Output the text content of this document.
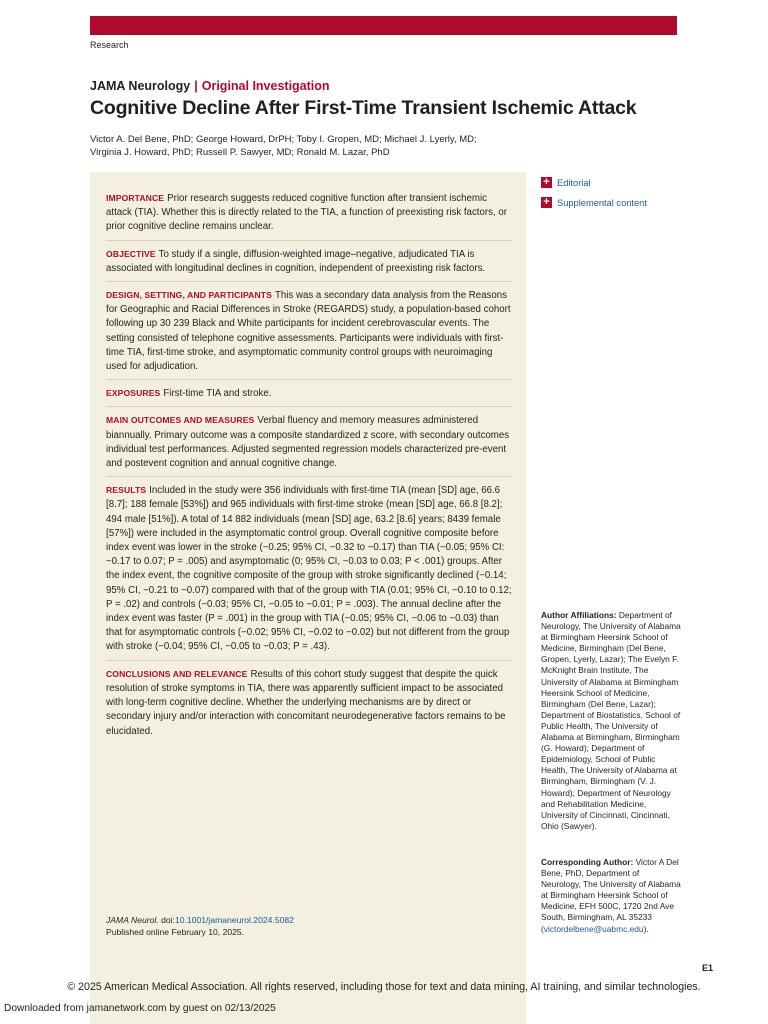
Research
JAMA Neurology | Original Investigation
Cognitive Decline After First-Time Transient Ischemic Attack
Victor A. Del Bene, PhD; George Howard, DrPH; Toby I. Gropen, MD; Michael J. Lyerly, MD;
Virginia J. Howard, PhD; Russell P. Sawyer, MD; Ronald M. Lazar, PhD
IMPORTANCE Prior research suggests reduced cognitive function after transient ischemic attack (TIA). Whether this is directly related to the TIA, a function of preexisting risk factors, or prior cognitive decline remains unclear.
OBJECTIVE To study if a single, diffusion-weighted image–negative, adjudicated TIA is associated with longitudinal declines in cognition, independent of preexisting risk factors.
DESIGN, SETTING, AND PARTICIPANTS This was a secondary data analysis from the Reasons for Geographic and Racial Differences in Stroke (REGARDS) study, a population-based cohort following up 30 239 Black and White participants for incident cerebrovascular events. The setting consisted of telephone cognitive assessments. Participants were individuals with first-time TIA, first-time stroke, and asymptomatic community control groups with neuroimaging used for adjudication.
EXPOSURES First-time TIA and stroke.
MAIN OUTCOMES AND MEASURES Verbal fluency and memory measures administered biannually. Primary outcome was a composite standardized z score, with secondary outcomes individual test performances. Adjusted segmented regression models characterized pre-event and postevent cognition and annual cognitive change.
RESULTS Included in the study were 356 individuals with first-time TIA (mean [SD] age, 66.6 [8.7]; 188 female [53%]) and 965 individuals with first-time stroke (mean [SD] age, 66.8 [8.2]; 494 male [51%]). A total of 14 882 individuals (mean [SD] age, 63.2 [8.6] years; 8439 female [57%]) were included in the asymptomatic control group. Overall cognitive composite before index event was lower in the stroke (−0.25; 95% CI, −0.32 to −0.17) than TIA (−0.05; 95% CI: −0.17 to 0.07; P = .005) and asymptomatic (0; 95% CI, −0.03 to 0.03; P < .001) groups. After the index event, the cognitive composite of the group with stroke significantly declined (−0.14; 95% CI, −0.21 to −0.07) compared with that of the group with TIA (0.01; 95% CI, −0.10 to 0.12; P = .02) and controls (−0.03; 95% CI, −0.05 to −0.01; P = .003). The annual decline after the index event was faster (P = .001) in the group with TIA (−0.05; 95% CI, −0.06 to −0.03) than that for asymptomatic controls (−0.02; 95% CI, −0.02 to −0.02) but not different from the group with stroke (−0.04; 95% CI, −0.05 to −0.03; P = .43).
CONCLUSIONS AND RELEVANCE Results of this cohort study suggest that despite the quick resolution of stroke symptoms in TIA, there was apparently sufficient impact to be associated with long-term cognitive decline. Whether the underlying mechanisms are by direct or secondary injury and/or interaction with concomitant neurodegenerative factors remains to be elucidated.
JAMA Neurol. doi:10.1001/jamaneurol.2024.5082
Published online February 10, 2025.
+ Editorial
+ Supplemental content
Author Affiliations: Department of Neurology, The University of Alabama at Birmingham Heersink School of Medicine, Birmingham (Del Bene, Gropen, Lyerly, Lazar); The Evelyn F. McKnight Brain Institute, The University of Alabama at Birmingham Heersink School of Medicine, Birmingham (Del Bene, Lazar); Department of Biostatistics, School of Public Health, The University of Alabama at Birmingham, Birmingham (G. Howard); Department of Epidemiology, School of Public Health, The University of Alabama at Birmingham, Birmingham (V. J. Howard); Department of Neurology and Rehabilitation Medicine, University of Cincinnati, Cincinnati, Ohio (Sawyer).
Corresponding Author: Victor A Del Bene, PhD, Department of Neurology, The University of Alabama at Birmingham Heersink School of Medicine, EFH 500C, 1720 2nd Ave South, Birmingham, AL 35233 (victordelbene@uabmc.edu).
E1
© 2025 American Medical Association. All rights reserved, including those for text and data mining, AI training, and similar technologies.
Downloaded from jamanetwork.com by guest on 02/13/2025
